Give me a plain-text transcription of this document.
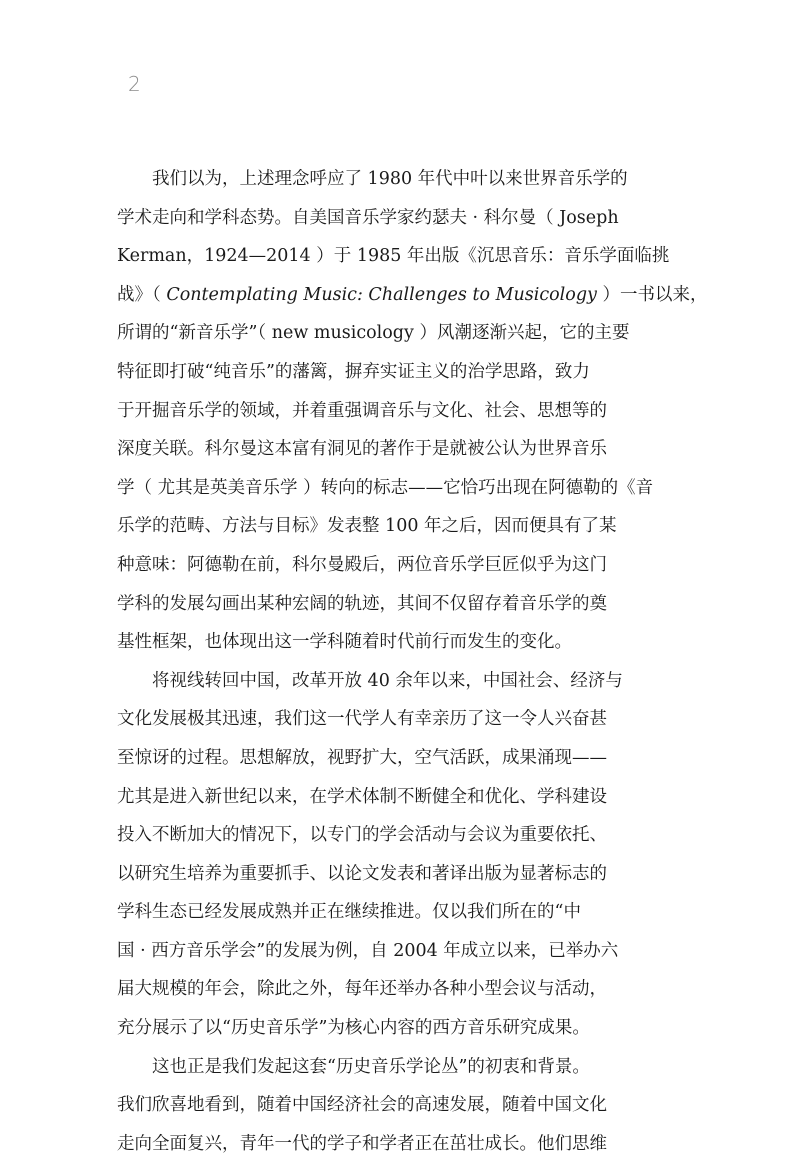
2
我们以为，上述理念呼应了 1980 年代中叶以来世界音乐学的
学术走向和学科态势。自美国音乐学家约瑟夫 · 科尔曼（ Joseph
Kerman，1924—2014 ）于 1985 年出版《沉思音乐：音乐学面临挑
战》（ Contemplating Music: Challenges to Musicology ）一书以来，
所谓的“新音乐学”（ new musicology ）风潮逐渐兴起，它的主要
特征即打破“纯音乐”的藩篱，摒弃实证主义的治学思路，致力
于开掘音乐学的领域，并着重强调音乐与文化、社会、思想等的
深度关联。科尔曼这本富有洞见的著作于是就被公认为世界音乐
学（ 尤其是英美音乐学 ）转向的标志——它恰巧出现在阿德勒的《音
乐学的范畴、方法与目标》发表整 100 年之后，因而便具有了某
种意味：阿德勒在前，科尔曼殿后，两位音乐学巨匠似乎为这门
学科的发展勾画出某种宏阔的轨迹，其间不仅留存着音乐学的奠
基性框架，也体现出这一学科随着时代前行而发生的变化。
将视线转回中国，改革开放 40 余年以来，中国社会、经济与
文化发展极其迅速，我们这一代学人有幸亲历了这一令人兴奋甚
至惊讶的过程。思想解放，视野扩大，空气活跃，成果涌现——
尤其是进入新世纪以来，在学术体制不断健全和优化、学科建设
投入不断加大的情况下，以专门的学会活动与会议为重要依托、
以研究生培养为重要抓手、以论文发表和著译出版为显著标志的
学科生态已经发展成熟并正在继续推进。仅以我们所在的“中
国 · 西方音乐学会”的发展为例，自 2004 年成立以来，已举办六
届大规模的年会，除此之外，每年还举办各种小型会议与活动，
充分展示了以“历史音乐学”为核心内容的西方音乐研究成果。
这也正是我们发起这套“历史音乐学论丛”的初衷和背景。
我们欣喜地看到，随着中国经济社会的高速发展，随着中国文化
走向全面复兴，青年一代的学子和学者正在茁壮成长。他们思维
